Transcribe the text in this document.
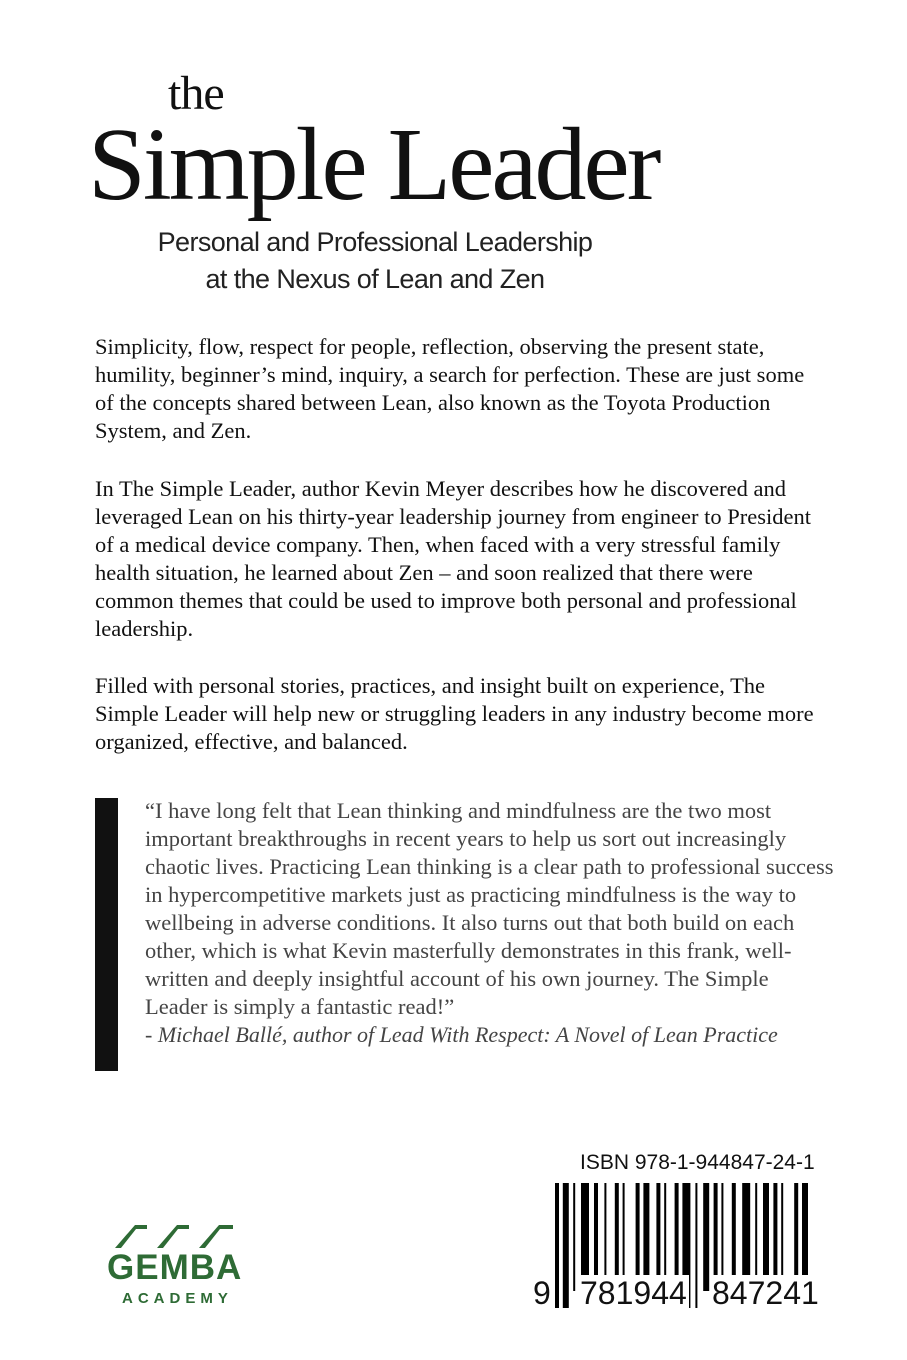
the
Simple Leader
Personal and Professional Leadership
at the Nexus of Lean and Zen
Simplicity, flow, respect for people, reflection, observing the present state, humility, beginner’s mind, inquiry, a search for perfection. These are just some of the concepts shared between Lean, also known as the Toyota Production System, and Zen.
In The Simple Leader, author Kevin Meyer describes how he discovered and leveraged Lean on his thirty-year leadership journey from engineer to President of a medical device company. Then, when faced with a very stressful family health situation, he learned about Zen – and soon realized that there were common themes that could be used to improve both personal and professional leadership.
Filled with personal stories, practices, and insight built on experience, The Simple Leader will help new or struggling leaders in any industry become more organized, effective, and balanced.
“I have long felt that Lean thinking and mindfulness are the two most important breakthroughs in recent years to help us sort out increasingly chaotic lives. Practicing Lean thinking is a clear path to professional success in hypercompetitive markets just as practicing mindfulness is the way to wellbeing in adverse conditions. It also turns out that both build on each other, which is what Kevin masterfully demonstrates in this frank, well-written and deeply insightful account of his own journey. The Simple Leader is simply a fantastic read!”
- Michael Ballé, author of Lead With Respect: A Novel of Lean Practice
GEMBA
ACADEMY
ISBN 978-1-944847-24-1
9 781944 847241
